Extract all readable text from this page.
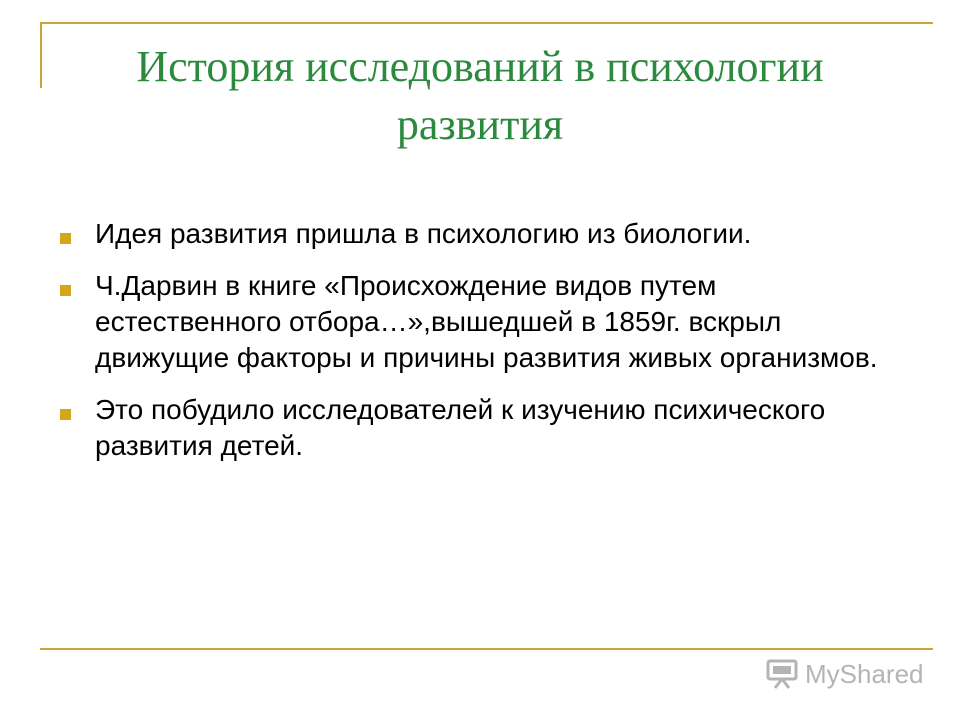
История исследований в психологии развития
Идея развития пришла в психологию из биологии.
Ч.Дарвин в книге «Происхождение видов путем естественного отбора…»,вышедшей в 1859г. вскрыл движущие факторы и причины развития живых организмов.
Это побудило исследователей к изучению психического развития детей.
MyShared
